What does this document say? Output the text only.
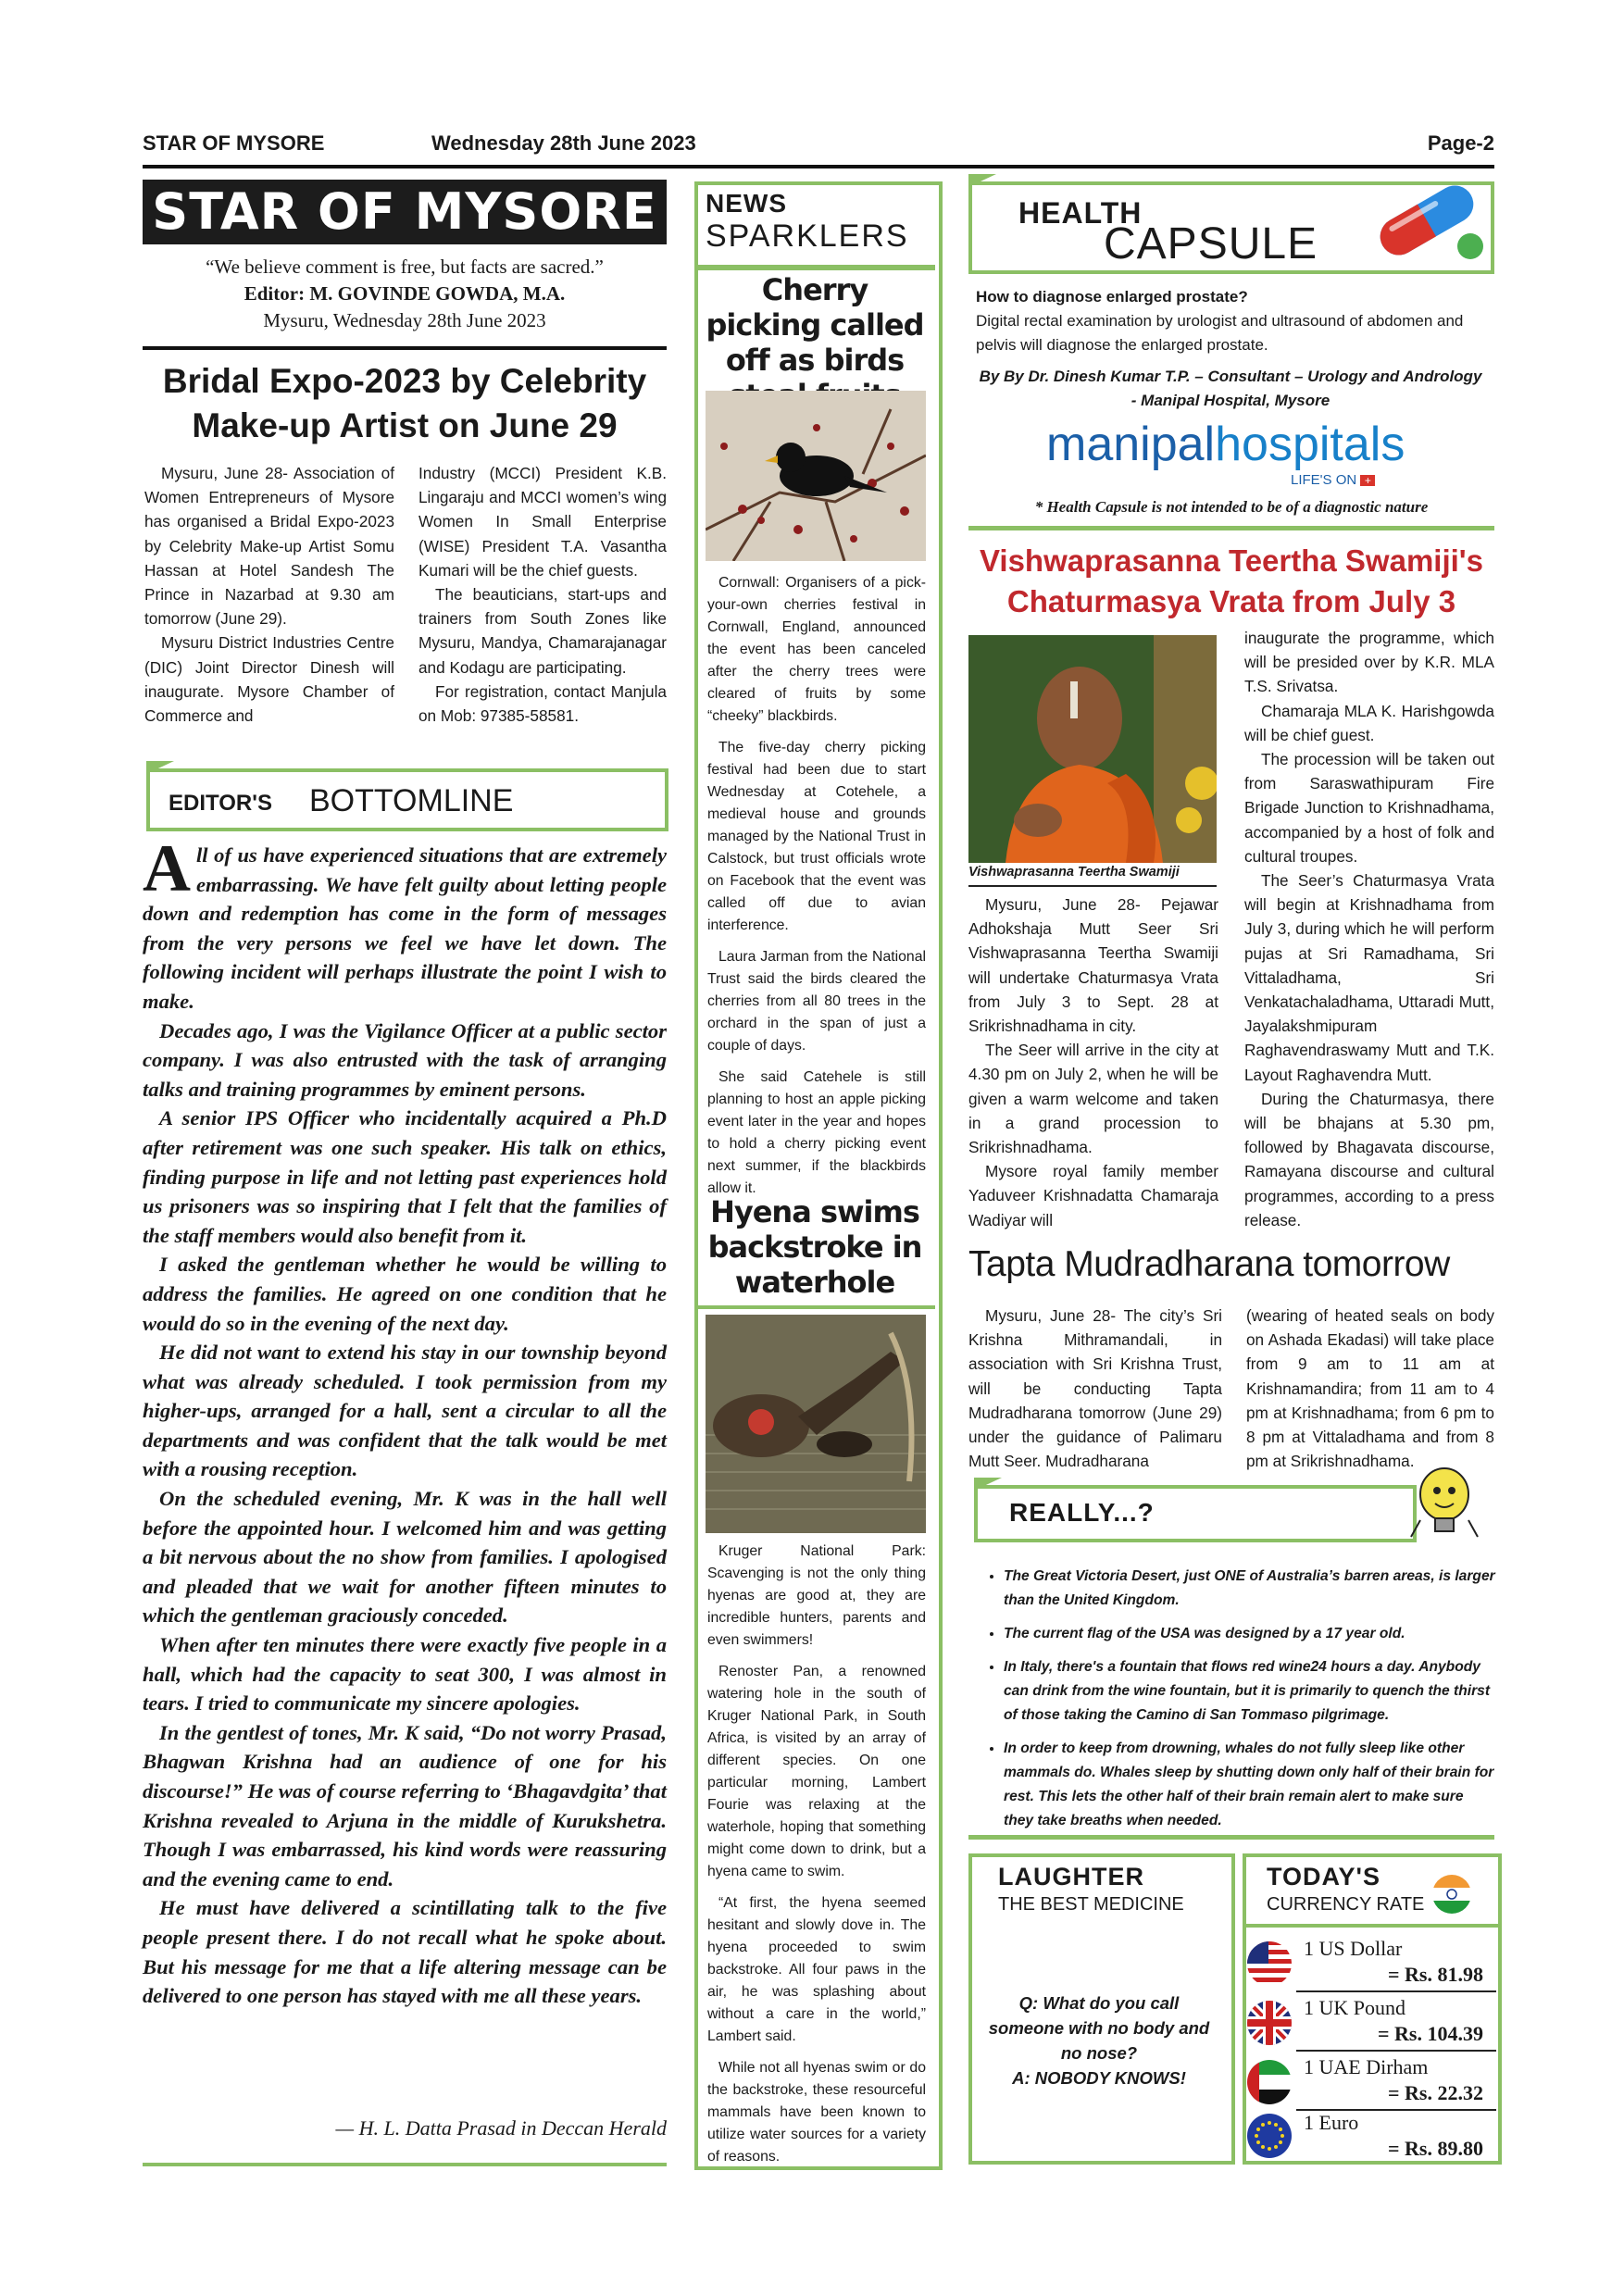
STAR OF MYSORE	Wednesday 28th June 2023	Page-2
STAR OF MYSORE
“We believe comment is free, but facts are sacred.”
Editor: M. GOVINDE GOWDA, M.A.
Mysuru, Wednesday 28th June 2023
Bridal Expo-2023 by Celebrity Make-up Artist on June 29

Mysuru, June 28- Association of Women Entrepreneurs of Mysore has organised a Bridal Expo-2023 by Celebrity Make-up Artist Somu Hassan at Hotel Sandesh The Prince in Nazarbad at 9.30 am tomorrow (June 29).

Mysuru District Industries Centre (DIC) Joint Director Dinesh will inaugurate. Mysore Chamber of Commerce and

Industry (MCCI) President K.B. Lingaraju and MCCI women’s wing Women In Small Enterprise (WISE) President T.A. Vasantha Kumari will be the chief guests.

The beauticians, start-ups and trainers from South Zones like Mysuru, Mandya, Chamarajanagar and Kodagu are participating.

For registration, contact Manjula on Mob: 97385-58581.

EDITOR'S BOTTOMLINE

All of us have experienced situations that are extremely embarrassing. We have felt guilty about letting people down and redemption has come in the form of messages from the very persons we feel we have let down. The following incident will perhaps illustrate the point I wish to make.

Decades ago, I was the Vigilance Officer at a public sector company. I was also entrusted with the task of arranging talks and training programmes by eminent persons.

A senior IPS Officer who incidentally acquired a Ph.D after retirement was one such speaker. His talk on ethics, finding purpose in life and not letting past experiences hold us prisoners was so inspiring that I felt that the families of the staff members would also benefit from it.

I asked the gentleman whether he would be willing to address the families. He agreed on one condition that he would do so in the evening of the next day.

He did not want to extend his stay in our township beyond what was already scheduled. I took permission from my higher-ups, arranged for a hall, sent a circular to all the departments and was confident that the talk would be met with a rousing reception.

On the scheduled evening, Mr. K was in the hall well before the appointed hour. I welcomed him and was getting a bit nervous about the no show from families. I apologised and pleaded that we wait for another fifteen minutes to which the gentleman graciously conceded.

When after ten minutes there were exactly five people in a hall, which had the capacity to seat 300, I was almost in tears. I tried to communicate my sincere apologies.

In the gentlest of tones, Mr. K said, “Do not worry Prasad, Bhagwan Krishna had an audience of one for his discourse!” He was of course referring to ‘Bhagavdgita’ that Krishna revealed to Arjuna in the middle of Kurukshetra. Though I was embarrassed, his kind words were reassuring and the evening came to end.

He must have delivered a scintillating talk to the five people present there. I do not recall what he spoke about. But his message for me that a life altering message can be delivered to one person has stayed with me all these years.

— H. L. Datta Prasad in Deccan Herald
NEWS
SPARKLERS
Cherry picking called off as birds

Cornwall: Organisers of a pick-your-own cherries festival in Cornwall, England, announced the event has been canceled after the cherry trees were cleared of fruits by some “cheeky” blackbirds.

The five-day cherry picking festival had been due to start Wednesday at Cotehele, a medieval house and grounds managed by the National Trust in Calstock, but trust officials wrote on Facebook that the event was called off due to avian interference.

Laura Jarman from the National Trust said the birds cleared the cherries from all 80 trees in the orchard in the span of just a couple of days.

She said Catehele is still planning to host an apple picking event later in the year and hopes to hold a cherry picking event next summer, if the blackbirds allow it.

Hyena swims backstroke in waterhole

Kruger National Park: Scavenging is not the only thing hyenas are good at, they are incredible hunters, parents and even swimmers!

Renoster Pan, a renowned watering hole in the south of Kruger National Park, in South Africa, is visited by an array of different species. On one particular morning, Lambert Fourie was relaxing at the waterhole, hoping that something might come down to drink, but a hyena came to swim.

“At first, the hyena seemed hesitant and slowly dove in. The hyena proceeded to swim backstroke. All four paws in the air, he was splashing about without a care in the world,” Lambert said.

While not all hyenas swim or do the backstroke, these resourceful mammals have been known to utilize water sources for a variety of reasons.

HEALTH
CAPSULE
How to diagnose enlarged prostate?
Digital rectal examination by urologist and ultrasound of abdomen and pelvis will diagnose the enlarged prostate.
By By Dr. Dinesh Kumar T.P. – Consultant – Urology and Andrology - Manipal Hospital, Mysore
manipalhospitals
LIFE'S ON +
* Health Capsule is not intended to be of a diagnostic nature
Vishwaprasanna Teertha Swamiji's Chaturmasya Vrata from July 3
Vishwaprasanna Teertha Swamiji

Mysuru, June 28- Pejawar Adhokshaja Mutt Seer Sri Vishwaprasanna Teertha Swamiji will undertake Chaturmasya Vrata from July 3 to Sept. 28 at Srikrishnadhama in city.

The Seer will arrive in the city at 4.30 pm on July 2, when he will be given a warm welcome and taken in a grand procession to Srikrishnadhama.

Mysore royal family member Yaduveer Krishnadatta Chamaraja Wadiyar will

inaugurate the programme, which will be presided over by K.R. MLA T.S. Srivatsa.

Chamaraja MLA K. Harishgowda will be chief guest.

The procession will be taken out from Saraswathipuram Fire Brigade Junction to Krishnadhama, accompanied by a host of folk and cultural troupes.

The Seer’s Chaturmasya Vrata will begin at Krishnadhama from July 3, during which he will perform pujas at Sri Ramadhama, Sri Vittaladhama, Sri Venkatachaladhama, Uttaradi Mutt, Jayalakshmipuram Raghavendraswamy Mutt and T.K. Layout Raghavendra Mutt.

During the Chaturmasya, there will be bhajans at 5.30 pm, followed by Bhagavata discourse, Ramayana discourse and cultural programmes, according to a press release.

Tapta Mudradharana tomorrow

Mysuru, June 28- The city’s Sri Krishna Mithramandali, in association with Sri Krishna Trust, will be conducting Tapta Mudradharana tomorrow (June 29) under the guidance of Palimaru Mutt Seer. Mudradharana

(wearing of heated seals on body on Ashada Ekadasi) will take place from 9 am to 11 am at Krishnamandira; from 11 am to 4 pm at Krishnadhama; from 6 pm to 8 pm at Vittaladhama and from 8 pm at Srikrishnadhama.

REALLY...?
• The Great Victoria Desert, just ONE of Australia’s barren areas, is larger than the United Kingdom.
• The current flag of the USA was designed by a 17 year old.
• In Italy, there's a fountain that flows red wine24 hours a day. Anybody can drink from the wine fountain, but it is primarily to quench the thirst of those taking the Camino di San Tommaso pilgrimage.
• In order to keep from drowning, whales do not fully sleep like other mammals do. Whales sleep by shutting down only half of their brain for rest. This lets the other half of their brain remain alert to make sure they take breaths when needed.
LAUGHTER
THE BEST MEDICINE
Q: What do you call someone with no body and no nose?
A: NOBODY KNOWS!
TODAY'S
CURRENCY RATE
1 US Dollar
= Rs. 81.98
1 UK Pound
= Rs. 104.39
1 UAE Dirham
= Rs. 22.32
1 Euro
= Rs. 89.80
